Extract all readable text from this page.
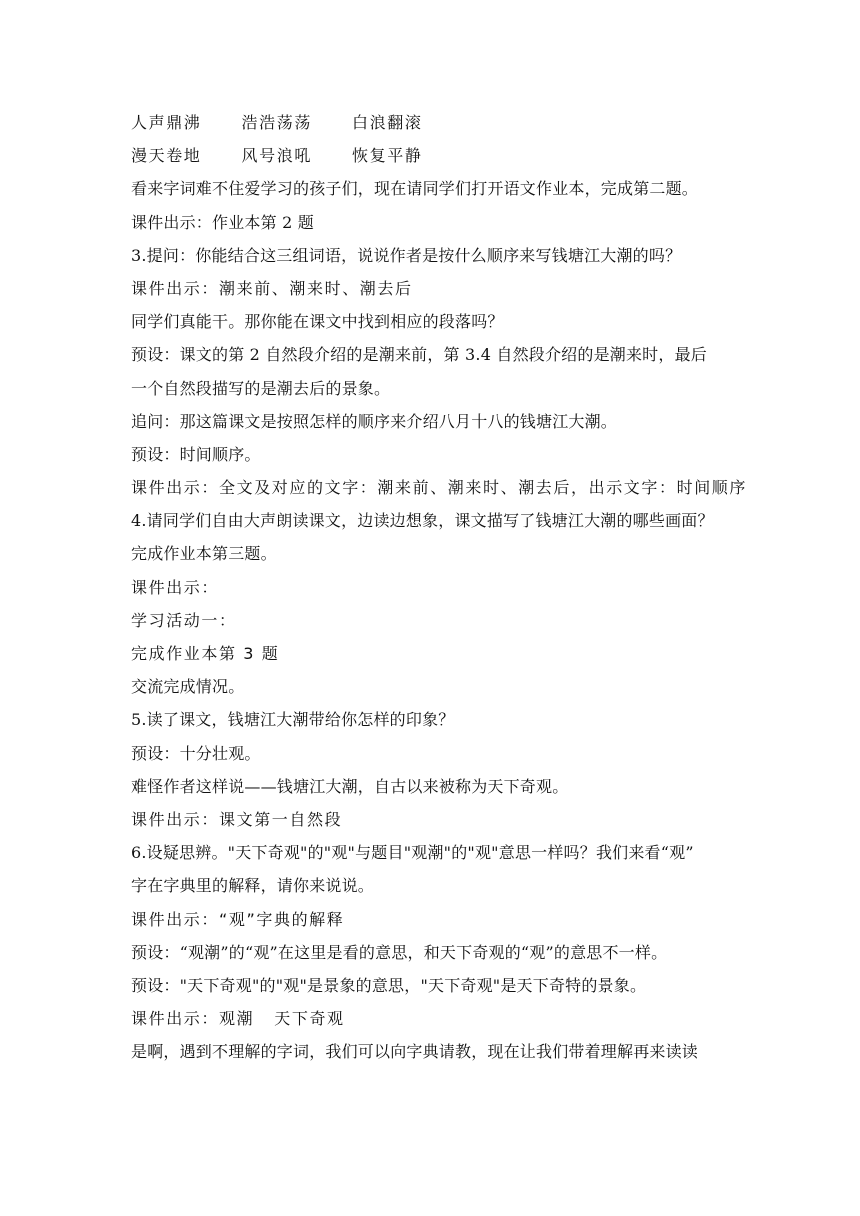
人声鼎沸      浩浩荡荡      白浪翻滚
漫天卷地      风号浪吼      恢复平静
看来字词难不住爱学习的孩子们，现在请同学们打开语文作业本，完成第二题。
课件出示：作业本第 2 题
3.提问：你能结合这三组词语，说说作者是按什么顺序来写钱塘江大潮的吗？
课件出示：潮来前、潮来时、潮去后
同学们真能干。那你能在课文中找到相应的段落吗？
预设：课文的第 2 自然段介绍的是潮来前，第 3.4 自然段介绍的是潮来时，最后
一个自然段描写的是潮去后的景象。
追问：那这篇课文是按照怎样的顺序来介绍八月十八的钱塘江大潮。
预设：时间顺序。
课件出示：全文及对应的文字：潮来前、潮来时、潮去后，出示文字：时间顺序
4.请同学们自由大声朗读课文，边读边想象，课文描写了钱塘江大潮的哪些画面？
完成作业本第三题。
课件出示：
学习活动一：
完成作业本第 3 题
交流完成情况。
5.读了课文，钱塘江大潮带给你怎样的印象？
预设：十分壮观。
难怪作者这样说——钱塘江大潮，自古以来被称为天下奇观。
课件出示：课文第一自然段
6.设疑思辨。"天下奇观"的"观"与题目"观潮"的"观"意思一样吗？我们来看“观”
字在字典里的解释，请你来说说。
课件出示：“观”字典的解释
预设：“观潮”的“观”在这里是看的意思，和天下奇观的“观”的意思不一样。
预设："天下奇观"的"观"是景象的意思，"天下奇观"是天下奇特的景象。
课件出示：观潮   天下奇观
是啊，遇到不理解的字词，我们可以向字典请教，现在让我们带着理解再来读读
